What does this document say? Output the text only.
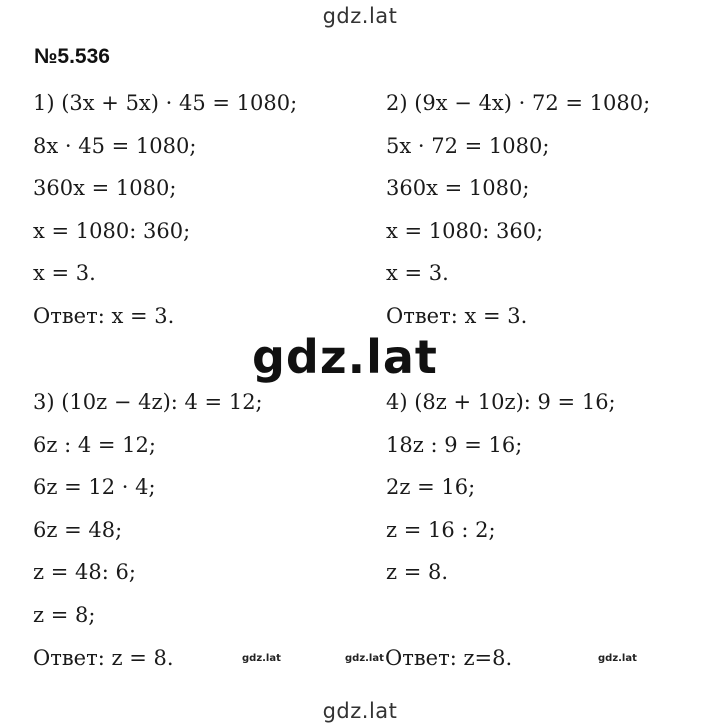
gdz.lat
№5.536
1) (3x + 5x) · 45 = 1080;
8x · 45 = 1080;
360x = 1080;
x = 1080: 360;
x = 3.
Ответ: x = 3.
2) (9x − 4x) · 72 = 1080;
5x · 72 = 1080;
360x = 1080;
x = 1080: 360;
x = 3.
Ответ: x = 3.
gdz.lat
3) (10z − 4z): 4 = 12;
6z : 4 = 12;
6z = 12 · 4;
6z = 48;
z = 48: 6;
z = 8;
4) (8z + 10z): 9 = 16;
18z : 9 = 16;
2z = 16;
z = 16 : 2;
z = 8.
Ответ: z = 8.	Ответ: z=8.
gdz.lat	gdz.lat	gdz.lat
gdz.lat
